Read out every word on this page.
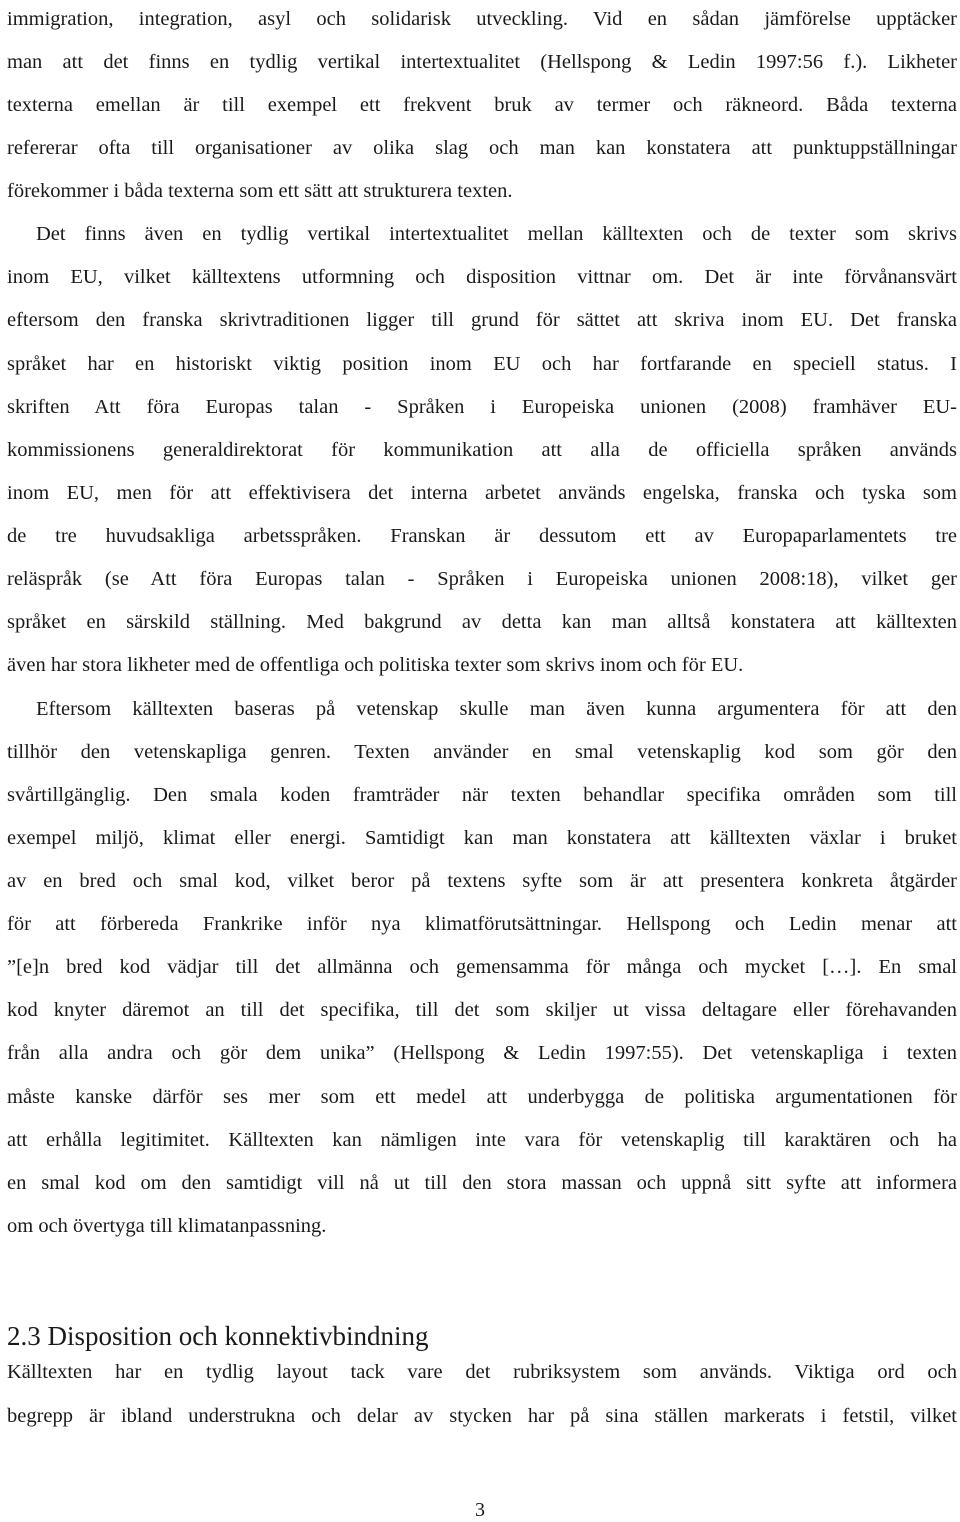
immigration, integration, asyl och solidarisk utveckling. Vid en sådan jämförelse upptäcker
man att det finns en tydlig vertikal intertextualitet (Hellspong & Ledin 1997:56 f.). Likheter
texterna emellan är till exempel ett frekvent bruk av termer och räkneord. Båda texterna
refererar ofta till organisationer av olika slag och man kan konstatera att punktuppställningar
förekommer i båda texterna som ett sätt att strukturera texten.
Det finns även en tydlig vertikal intertextualitet mellan källtexten och de texter som skrivs
inom EU, vilket källtextens utformning och disposition vittnar om. Det är inte förvånansvärt
eftersom den franska skrivtraditionen ligger till grund för sättet att skriva inom EU. Det franska
språket har en historiskt viktig position inom EU och har fortfarande en speciell status. I
skriften Att föra Europas talan - Språken i Europeiska unionen (2008) framhäver EU-
kommissionens generaldirektorat för kommunikation att alla de officiella språken används
inom EU, men för att effektivisera det interna arbetet används engelska, franska och tyska som
de tre huvudsakliga arbetsspråken. Franskan är dessutom ett av Europaparlamentets tre
reläspråk (se Att föra Europas talan - Språken i Europeiska unionen 2008:18), vilket ger
språket en särskild ställning. Med bakgrund av detta kan man alltså konstatera att källtexten
även har stora likheter med de offentliga och politiska texter som skrivs inom och för EU.
Eftersom källtexten baseras på vetenskap skulle man även kunna argumentera för att den
tillhör den vetenskapliga genren. Texten använder en smal vetenskaplig kod som gör den
svårtillgänglig. Den smala koden framträder när texten behandlar specifika områden som till
exempel miljö, klimat eller energi. Samtidigt kan man konstatera att källtexten växlar i bruket
av en bred och smal kod, vilket beror på textens syfte som är att presentera konkreta åtgärder
för att förbereda Frankrike inför nya klimatförutsättningar. Hellspong och Ledin menar att
”[e]n bred kod vädjar till det allmänna och gemensamma för många och mycket […]. En smal
kod knyter däremot an till det specifika, till det som skiljer ut vissa deltagare eller förehavanden
från alla andra och gör dem unika” (Hellspong & Ledin 1997:55). Det vetenskapliga i texten
måste kanske därför ses mer som ett medel att underbygga de politiska argumentationen för
att erhålla legitimitet. Källtexten kan nämligen inte vara för vetenskaplig till karaktären och ha
en smal kod om den samtidigt vill nå ut till den stora massan och uppnå sitt syfte att informera
om och övertyga till klimatanpassning.
2.3 Disposition och konnektivbindning
Källtexten har en tydlig layout tack vare det rubriksystem som används. Viktiga ord och
begrepp är ibland understrukna och delar av stycken har på sina ställen markerats i fetstil, vilket
3
